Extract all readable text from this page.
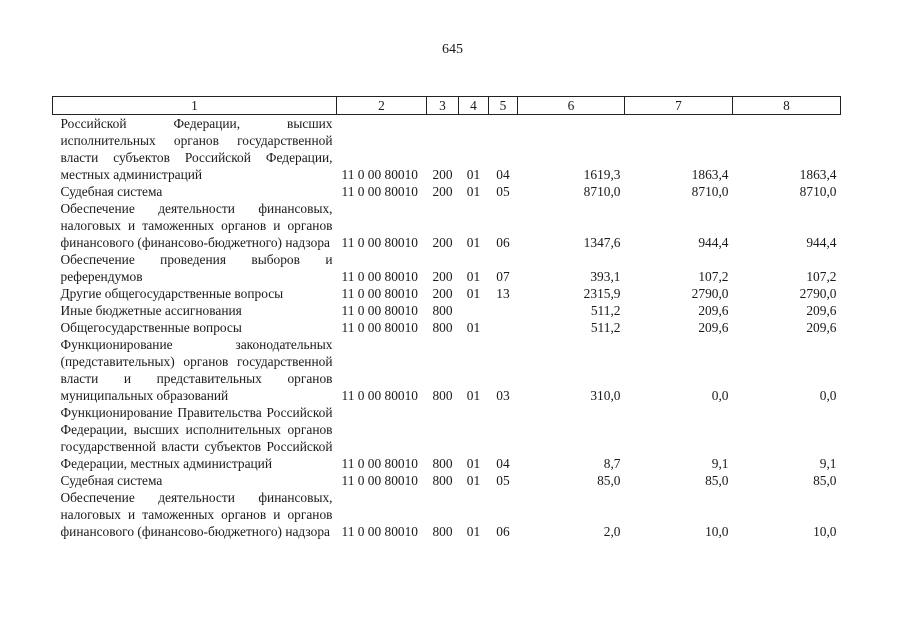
645
1	2	3	4	5	6	7	8
Российской Федерации, высших исполнительных органов государственной власти субъектов Российской Федерации, местных администраций	11 0 00 80010	200	01	04	1619,3	1863,4	1863,4
Судебная система	11 0 00 80010	200	01	05	8710,0	8710,0	8710,0
Обеспечение деятельности финансовых, налоговых и таможенных органов и органов финансового (финансово-бюджетного) надзора	11 0 00 80010	200	01	06	1347,6	944,4	944,4
Обеспечение проведения выборов и референдумов	11 0 00 80010	200	01	07	393,1	107,2	107,2
Другие общегосударственные вопросы	11 0 00 80010	200	01	13	2315,9	2790,0	2790,0
Иные бюджетные ассигнования	11 0 00 80010	800			511,2	209,6	209,6
Общегосударственные вопросы	11 0 00 80010	800	01		511,2	209,6	209,6
Функционирование законодательных (представительных) органов государственной власти и представительных органов муниципальных образований	11 0 00 80010	800	01	03	310,0	0,0	0,0
Функционирование Правительства Российской Федерации, высших исполнительных органов государственной власти субъектов Российской Федерации, местных администраций	11 0 00 80010	800	01	04	8,7	9,1	9,1
Судебная система	11 0 00 80010	800	01	05	85,0	85,0	85,0
Обеспечение деятельности финансовых, налоговых и таможенных органов и органов финансового (финансово-бюджетного) надзора	11 0 00 80010	800	01	06	2,0	10,0	10,0
